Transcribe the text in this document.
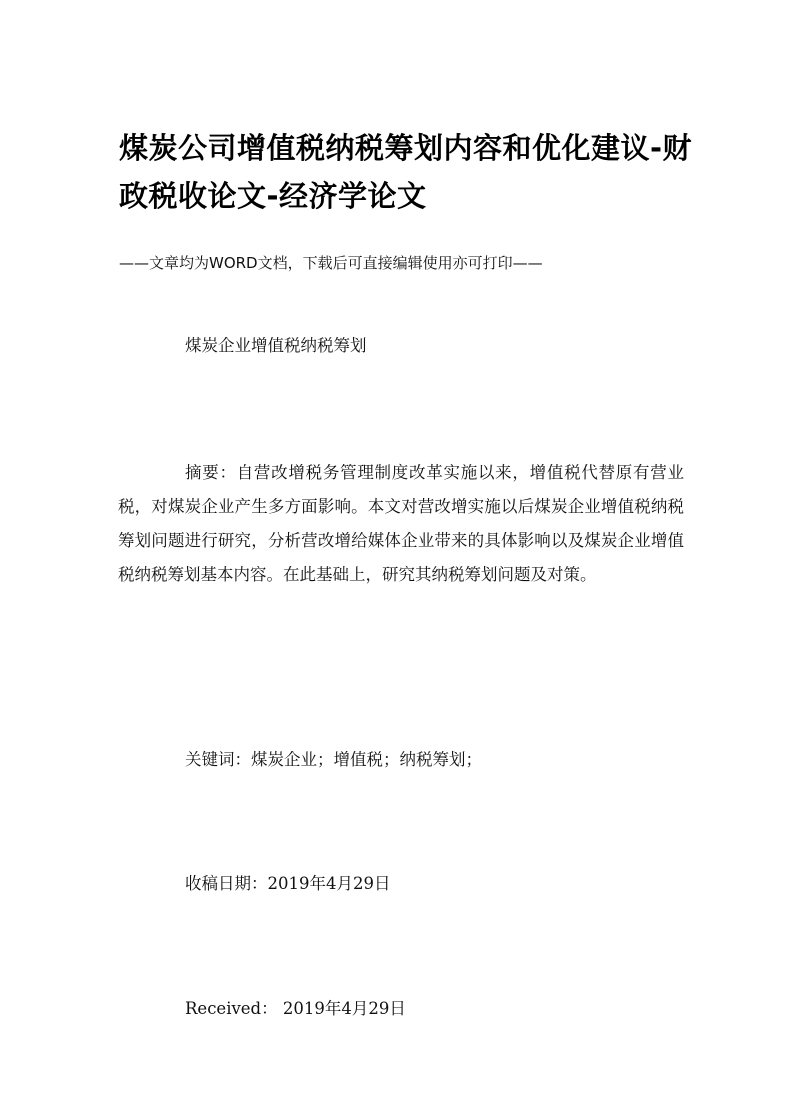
煤炭公司增值税纳税筹划内容和优化建议-财政税收论文-经济学论文
——文章均为WORD文档，下载后可直接编辑使用亦可打印——
煤炭企业增值税纳税筹划

摘要：自营改增税务管理制度改革实施以来，增值税代替原有营业税，对煤炭企业产生多方面影响。本文对营改增实施以后煤炭企业增值税纳税筹划问题进行研究，分析营改增给媒体企业带来的具体影响以及煤炭企业增值税纳税筹划基本内容。在此基础上，研究其纳税筹划问题及对策。

关键词：煤炭企业；增值税；纳税筹划；
收稿日期：2019年4月29日
Received： 2019年4月29日
